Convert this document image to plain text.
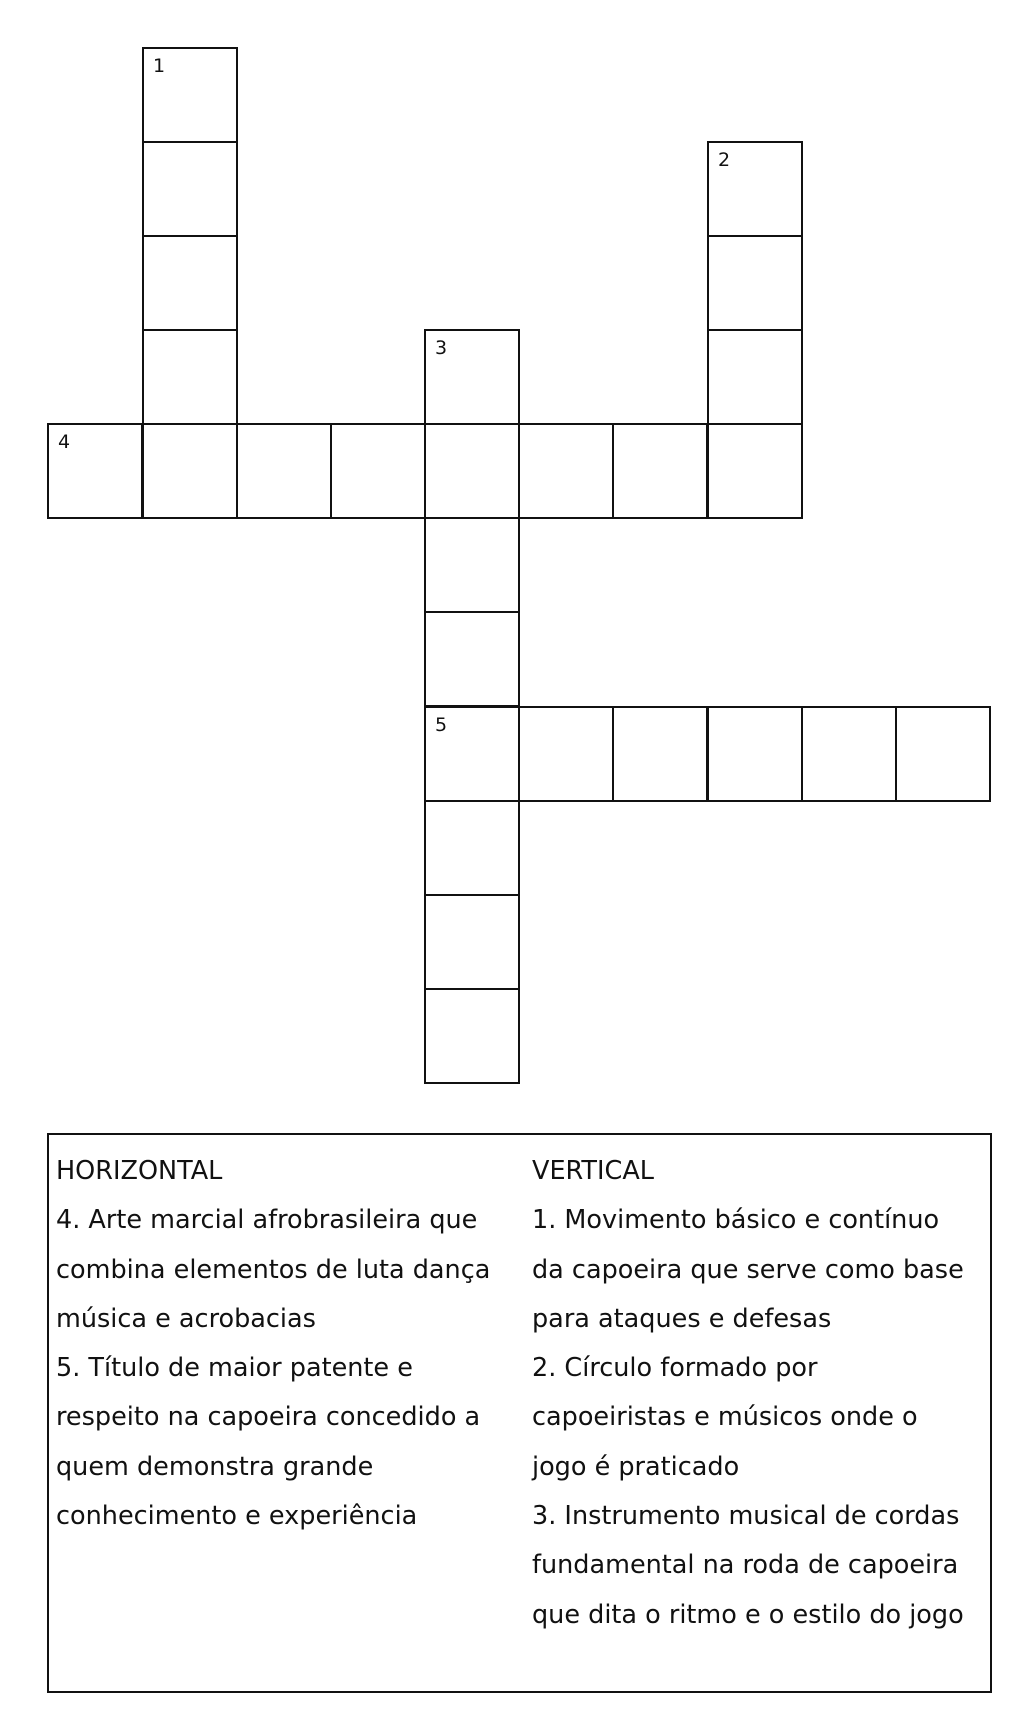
1
2
3
4
5
HORIZONTAL
4. Arte marcial afrobrasileira que
combina elementos de luta dança
música e acrobacias
5. Título de maior patente e
respeito na capoeira concedido a
quem demonstra grande
conhecimento e experiência
VERTICAL
1. Movimento básico e contínuo
da capoeira que serve como base
para ataques e defesas
2. Círculo formado por
capoeiristas e músicos onde o
jogo é praticado
3. Instrumento musical de cordas
fundamental na roda de capoeira
que dita o ritmo e o estilo do jogo
